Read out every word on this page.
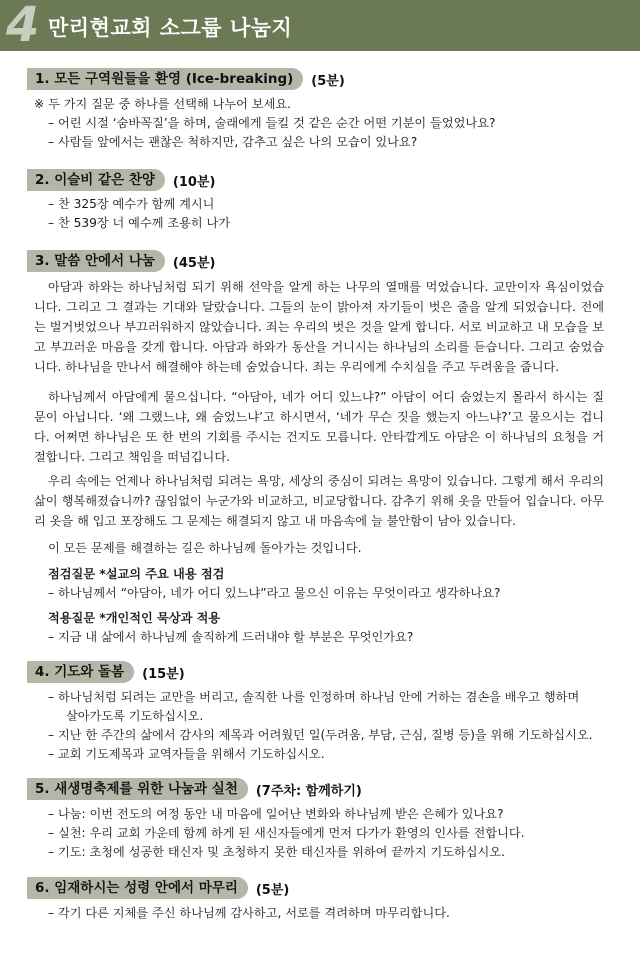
4 만리현교회 소그룹 나눔지
1. 모든 구역원들을 환영 (Ice-breaking)	(5분)
※ 두 가지 질문 중 하나를 선택해 나누어 보세요.
– 어린 시절 ‘숨바꼭질’을 하며, 술래에게 들킬 것 같은 순간 어떤 기분이 들었었나요?
– 사람들 앞에서는 괜찮은 척하지만, 감추고 싶은 나의 모습이 있나요?
2. 이슬비 같은 찬양	(10분)
– 찬 325장 예수가 함께 계시니
– 찬 539장 너 예수께 조용히 나가
3. 말씀 안에서 나눔	(45분)
아담과 하와는 하나님처럼 되기 위해 선악을 알게 하는 나무의 열매를 먹었습니다. 교만이자 욕심이었습니다. 그리고 그 결과는 기대와 달랐습니다. 그들의 눈이 밝아져 자기들이 벗은 줄을 알게 되었습니다. 전에는 벌거벗었으나 부끄러워하지 않았습니다. 죄는 우리의 벗은 것을 알게 합니다. 서로 비교하고 내 모습을 보고 부끄러운 마음을 갖게 합니다. 아담과 하와가 동산을 거니시는 하나님의 소리를 듣습니다. 그리고 숨었습니다. 하나님을 만나서 해결해야 하는데 숨었습니다. 죄는 우리에게 수치심을 주고 두려움을 줍니다.
하나님께서 아담에게 물으십니다. “아담아, 네가 어디 있느냐?” 아담이 어디 숨었는지 몰라서 하시는 질문이 아닙니다. ‘왜 그랬느냐, 왜 숨었느냐’고 하시면서, ‘네가 무슨 짓을 했는지 아느냐?’고 물으시는 겁니다. 어쩌면 하나님은 또 한 번의 기회를 주시는 건지도 모릅니다. 안타깝게도 아담은 이 하나님의 요청을 거절합니다. 그리고 책임을 떠넘깁니다.
우리 속에는 언제나 하나님처럼 되려는 욕망, 세상의 중심이 되려는 욕망이 있습니다. 그렇게 해서 우리의 삶이 행복해졌습니까? 끊임없이 누군가와 비교하고, 비교당합니다. 감추기 위해 옷을 만들어 입습니다. 아무리 옷을 해 입고 포장해도 그 문제는 해결되지 않고 내 마음속에 늘 불안함이 남아 있습니다.
이 모든 문제를 해결하는 길은 하나님께 돌아가는 것입니다.
점검질문 *설교의 주요 내용 점검
– 하나님께서 “아담아, 네가 어디 있느냐”라고 물으신 이유는 무엇이라고 생각하나요?
적용질문 *개인적인 묵상과 적용
– 지금 내 삶에서 하나님께 솔직하게 드러내야 할 부분은 무엇인가요?
4. 기도와 돌봄	(15분)
– 하나님처럼 되려는 교만을 버리고, 솔직한 나를 인정하며 하나님 안에 거하는 겸손을 배우고 행하며
살아가도록 기도하십시오.
– 지난 한 주간의 삶에서 감사의 제목과 어려웠던 일(두려움, 부담, 근심, 질병 등)을 위해 기도하십시오.
– 교회 기도제목과 교역자들을 위해서 기도하십시오.
5. 새생명축제를 위한 나눔과 실천	(7주차: 함께하기)
– 나눔: 이번 전도의 여정 동안 내 마음에 일어난 변화와 하나님께 받은 은혜가 있나요?
– 실천: 우리 교회 가운데 함께 하게 된 새신자들에게 먼저 다가가 환영의 인사를 전합니다.
– 기도: 초청에 성공한 태신자 및 초청하지 못한 태신자를 위하여 끝까지 기도하십시오.
6. 임재하시는 성령 안에서 마무리	(5분)
– 각기 다른 지체를 주신 하나님께 감사하고, 서로를 격려하며 마무리합니다.
